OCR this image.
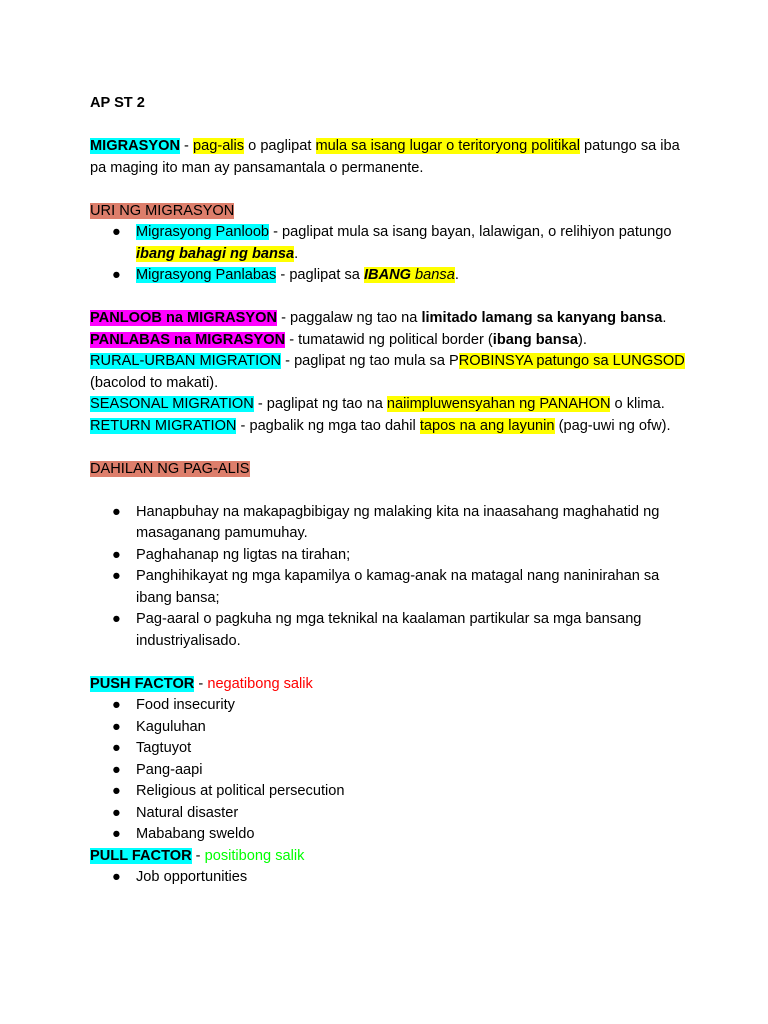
AP ST 2

MIGRASYON - pag-alis o paglipat mula sa isang lugar o teritoryong politikal patungo sa iba pa maging ito man ay pansamantala o permanente.

URI NG MIGRASYON

● Migrasyong Panloob - paglipat mula sa isang bayan, lalawigan, o relihiyon patungo ibang bahagi ng bansa.
● Migrasyong Panlabas - paglipat sa IBANG bansa.

PANLOOB na MIGRASYON - paggalaw ng tao na limitado lamang sa kanyang bansa.

PANLABAS na MIGRASYON - tumatawid ng political border (ibang bansa).

RURAL-URBAN MIGRATION - paglipat ng tao mula sa PROBINSYA patungo sa LUNGSOD (bacolod to makati).

SEASONAL MIGRATION - paglipat ng tao na naiimpluwensyahan ng PANAHON o klima.

RETURN MIGRATION - pagbalik ng mga tao dahil tapos na ang layunin (pag-uwi ng ofw).

DAHILAN NG PAG-ALIS

● Hanapbuhay na makapagbibigay ng malaking kita na inaasahang maghahatid ng masaganang pamumuhay.
● Paghahanap ng ligtas na tirahan;
● Panghihikayat ng mga kapamilya o kamag-anak na matagal nang naninirahan sa ibang bansa;
● Pag-aaral o pagkuha ng mga teknikal na kaalaman partikular sa mga bansang industriyalisado.

PUSH FACTOR - negatibong salik

● Food insecurity
● Kaguluhan
● Tagtuyot
● Pang-aapi
● Religious at political persecution
● Natural disaster
● Mababang sweldo

PULL FACTOR - positibong salik

● Job opportunities
